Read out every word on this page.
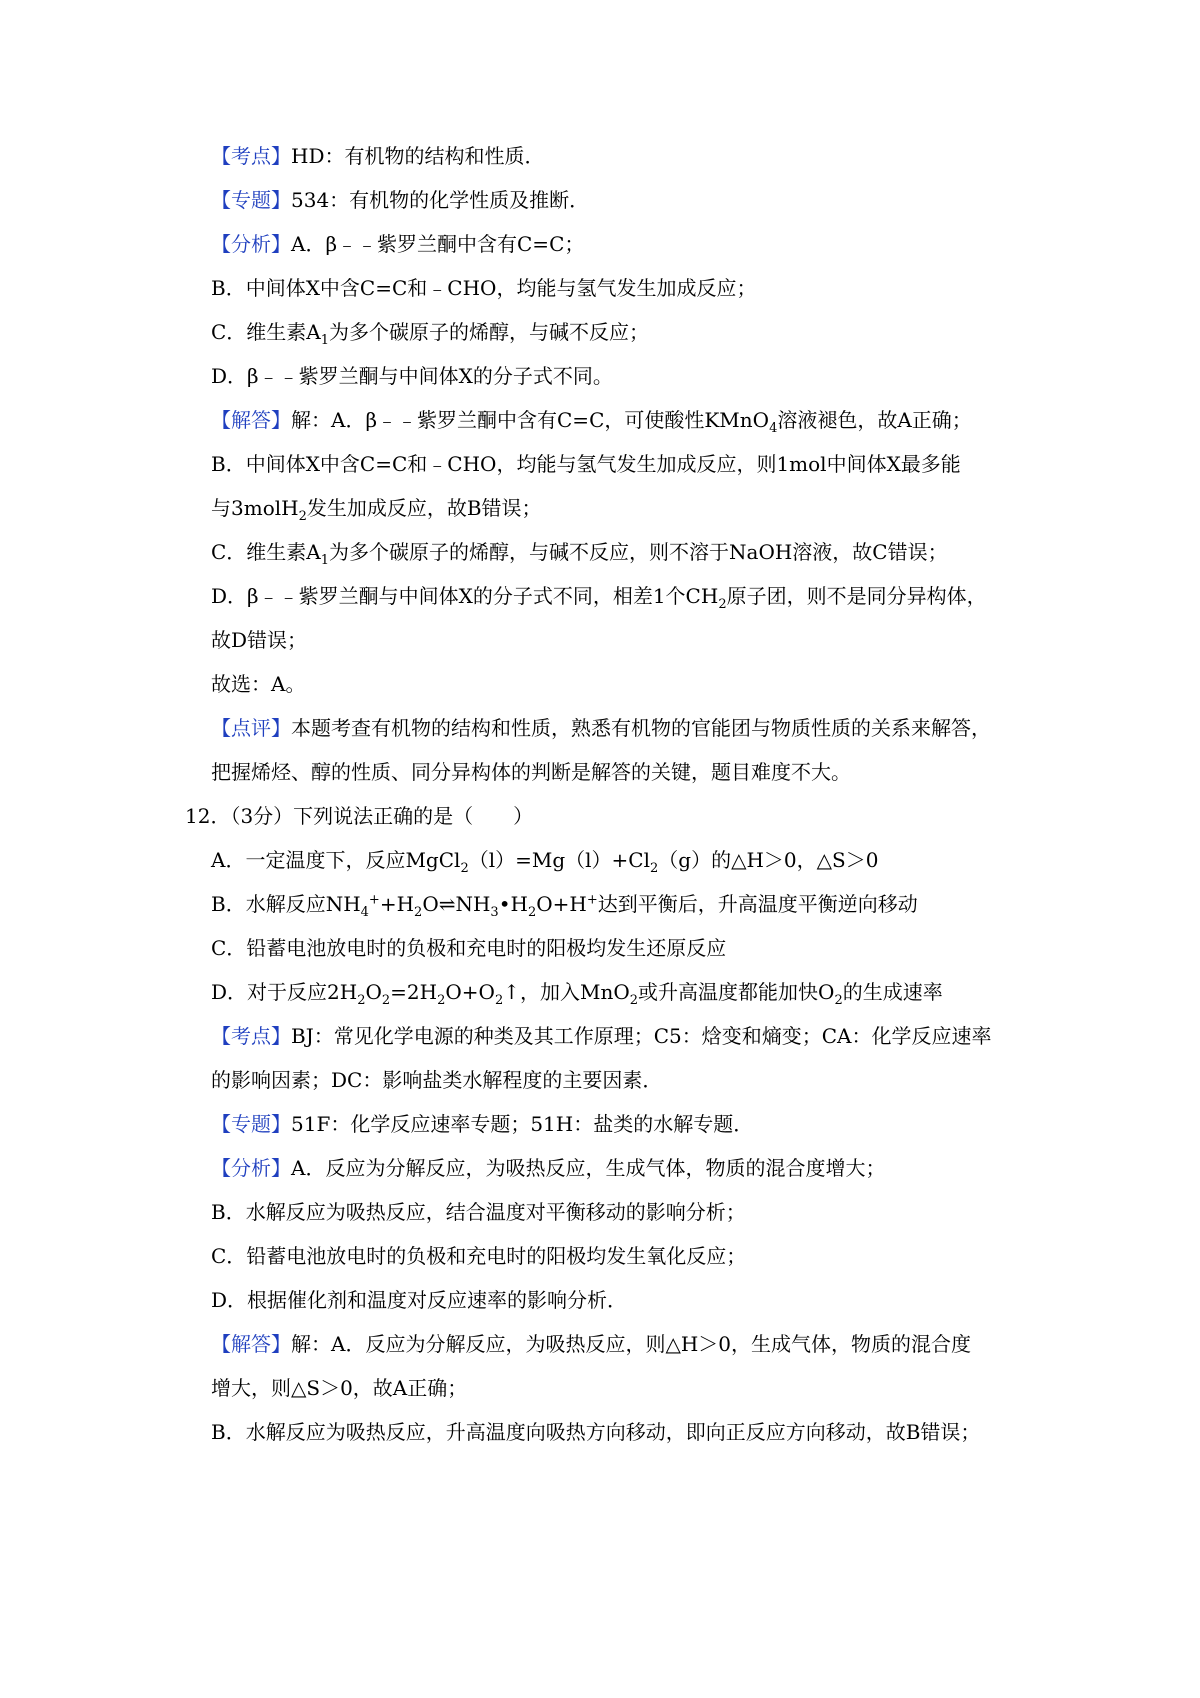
【考点】HD：有机物的结构和性质．
【专题】534：有机物的化学性质及推断．
【分析】A．β﹣﹣紫罗兰酮中含有C=C；
B．中间体X中含C=C和﹣CHO，均能与氢气发生加成反应；
C．维生素$A_1$为多个碳原子的烯醇，与碱不反应；
D．β﹣﹣紫罗兰酮与中间体X的分子式不同。
【解答】解：A．β﹣﹣紫罗兰酮中含有C=C，可使酸性KMnO$_4$溶液褪色，故A正确；
B．中间体X中含C=C和﹣CHO，均能与氢气发生加成反应，则1mol中间体X最多能
与3molH$_2$发生加成反应，故B错误；
C．维生素$A_1$为多个碳原子的烯醇，与碱不反应，则不溶于NaOH溶液，故C错误；
D．β﹣﹣紫罗兰酮与中间体X的分子式不同，相差1个$CH_2$原子团，则不是同分异构体，
故D错误；
故选：A。
【点评】本题考查有机物的结构和性质，熟悉有机物的官能团与物质性质的关系来解答，
把握烯烃、醇的性质、同分异构体的判断是解答的关键，题目难度不大。
12．（3分）下列说法正确的是（　　）
A．一定温度下，反应$MgCl_2(l)=Mg(l)+Cl_2(g)$的△H＞0，△S＞0
B．水解反应$NH_4^++H_2O\rightleftharpoons NH_3•H_2O+H^+$达到平衡后，升高温度平衡逆向移动
C．铅蓄电池放电时的负极和充电时的阳极均发生还原反应
D．对于反应$2H_2O_2=2H_2O+O_2↑$，加入MnO$_2$或升高温度都能加快$O_2$的生成速率
【考点】BJ：常见化学电源的种类及其工作原理；C5：焓变和熵变；CA：化学反应速率
的影响因素；DC：影响盐类水解程度的主要因素．
【专题】51F：化学反应速率专题；51H：盐类的水解专题．
【分析】A．反应为分解反应，为吸热反应，生成气体，物质的混合度增大；
B．水解反应为吸热反应，结合温度对平衡移动的影响分析；
C．铅蓄电池放电时的负极和充电时的阳极均发生氧化反应；
D．根据催化剂和温度对反应速率的影响分析．
【解答】解：A．反应为分解反应，为吸热反应，则△H＞0，生成气体，物质的混合度
增大，则△S＞0，故A正确；
B．水解反应为吸热反应，升高温度向吸热方向移动，即向正反应方向移动，故B错误；
